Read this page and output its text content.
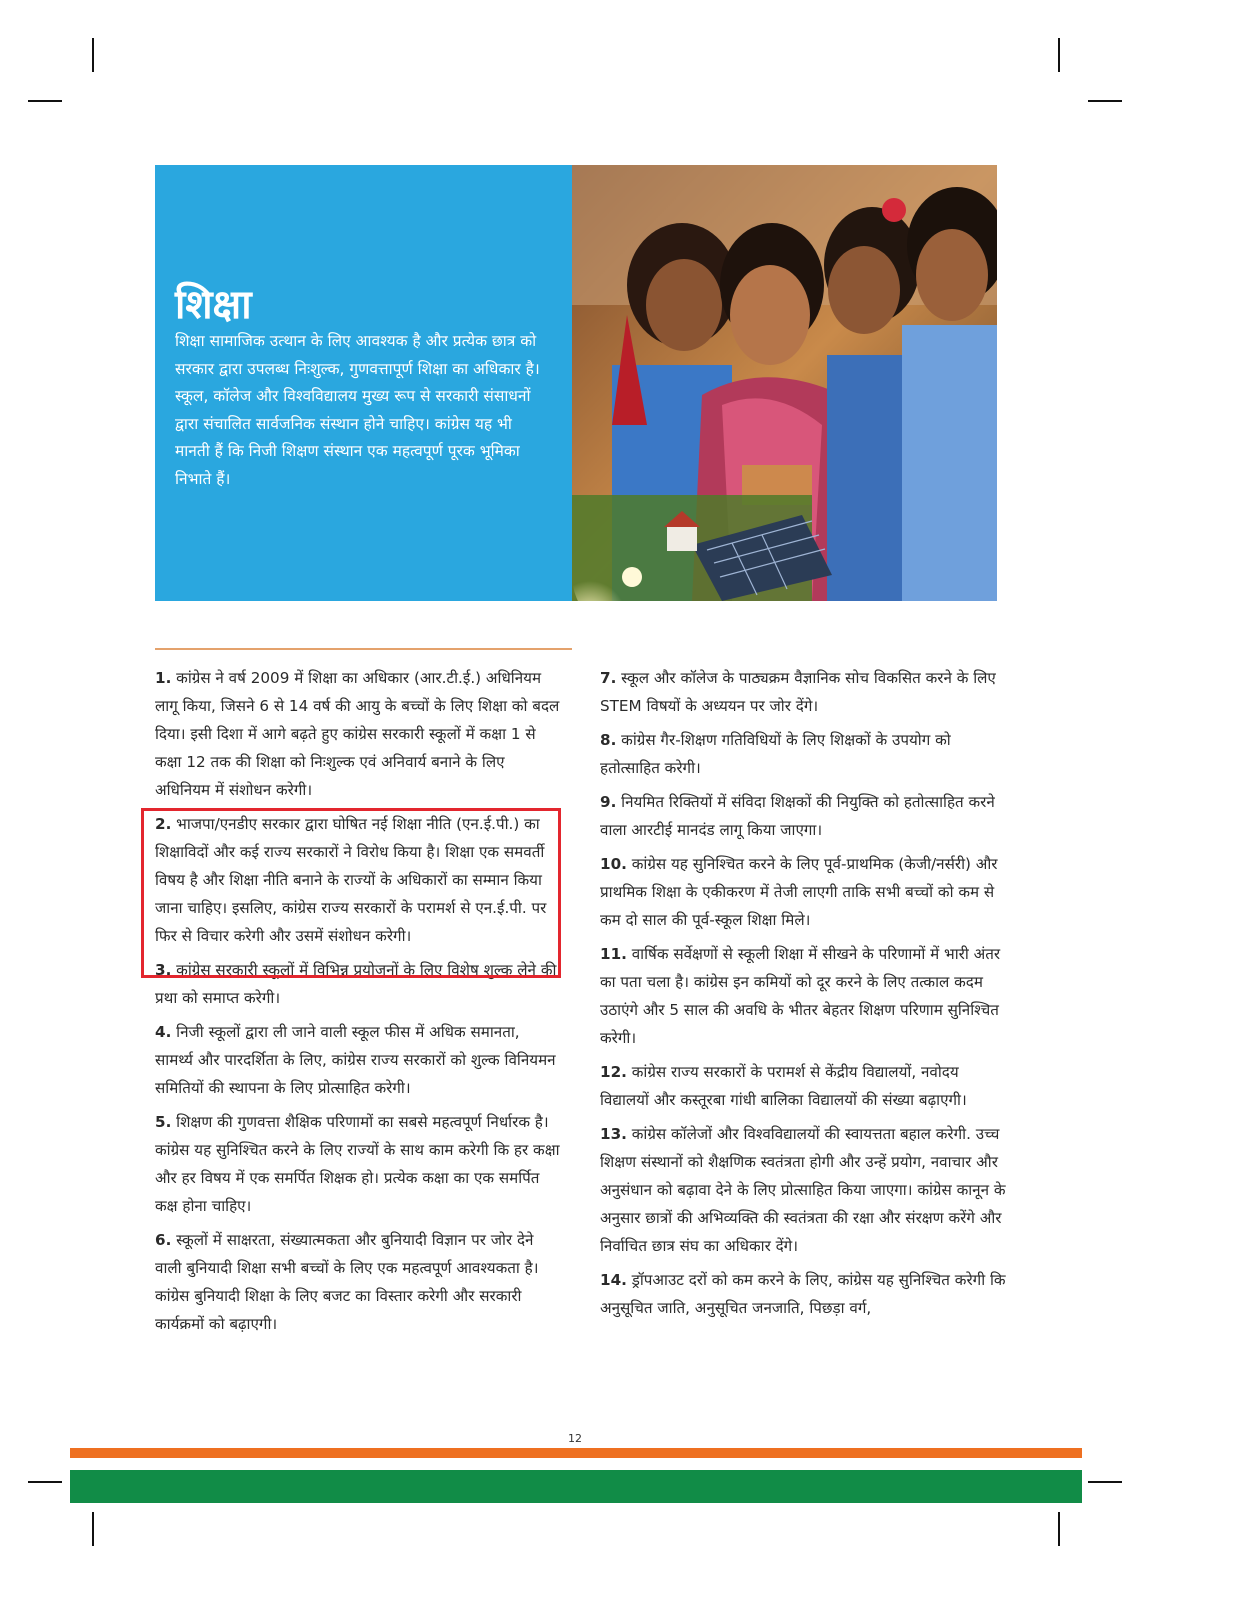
शिक्षा
शिक्षा सामाजिक उत्थान के लिए आवश्यक है और प्रत्येक छात्र को सरकार द्वारा उपलब्ध निःशुल्क, गुणवत्तापूर्ण शिक्षा का अधिकार है। स्कूल, कॉलेज और विश्वविद्यालय मुख्य रूप से सरकारी संसाधनों द्वारा संचालित सार्वजनिक संस्थान होने चाहिए। कांग्रेस यह भी मानती हैं कि निजी शिक्षण संस्थान एक महत्वपूर्ण पूरक भूमिका निभाते हैं।

1. कांग्रेस ने वर्ष 2009 में शिक्षा का अधिकार (आर.टी.ई.) अधिनियम लागू किया, जिसने 6 से 14 वर्ष की आयु के बच्चों के लिए शिक्षा को बदल दिया। इसी दिशा में आगे बढ़ते हुए कांग्रेस सरकारी स्कूलों में कक्षा 1 से कक्षा 12 तक की शिक्षा को निःशुल्क एवं अनिवार्य बनाने के लिए अधिनियम में संशोधन करेगी।

2. भाजपा/एनडीए सरकार द्वारा घोषित नई शिक्षा नीति (एन.ई.पी.) का शिक्षाविदों और कई राज्य सरकारों ने विरोध किया है। शिक्षा एक समवर्ती विषय है और शिक्षा नीति बनाने के राज्यों के अधिकारों का सम्मान किया जाना चाहिए। इसलिए, कांग्रेस राज्य सरकारों के परामर्श से एन.ई.पी. पर फिर से विचार करेगी और उसमें संशोधन करेगी।

3. कांग्रेस सरकारी स्कूलों में विभिन्न प्रयोजनों के लिए विशेष शुल्क लेने की प्रथा को समाप्त करेगी।

4. निजी स्कूलों द्वारा ली जाने वाली स्कूल फीस में अधिक समानता, सामर्थ्य और पारदर्शिता के लिए, कांग्रेस राज्य सरकारों को शुल्क विनियमन समितियों की स्थापना के लिए प्रोत्साहित करेगी।

5. शिक्षण की गुणवत्ता शैक्षिक परिणामों का सबसे महत्वपूर्ण निर्धारक है। कांग्रेस यह सुनिश्चित करने के लिए राज्यों के साथ काम करेगी कि हर कक्षा और हर विषय में एक समर्पित शिक्षक हो। प्रत्येक कक्षा का एक समर्पित कक्ष होना चाहिए।

6. स्कूलों में साक्षरता, संख्यात्मकता और बुनियादी विज्ञान पर जोर देने वाली बुनियादी शिक्षा सभी बच्चों के लिए एक महत्वपूर्ण आवश्यकता है। कांग्रेस बुनियादी शिक्षा के लिए बजट का विस्तार करेगी और सरकारी कार्यक्रमों को बढ़ाएगी।

7. स्कूल और कॉलेज के पाठ्यक्रम वैज्ञानिक सोच विकसित करने के लिए STEM विषयों के अध्ययन पर जोर देंगे।

8. कांग्रेस गैर-शिक्षण गतिविधियों के लिए शिक्षकों के उपयोग को हतोत्साहित करेगी।

9. नियमित रिक्तियों में संविदा शिक्षकों की नियुक्ति को हतोत्साहित करने वाला आरटीई मानदंड लागू किया जाएगा।

10. कांग्रेस यह सुनिश्चित करने के लिए पूर्व-प्राथमिक (केजी/नर्सरी) और प्राथमिक शिक्षा के एकीकरण में तेजी लाएगी ताकि सभी बच्चों को कम से कम दो साल की पूर्व-स्कूल शिक्षा मिले।

11. वार्षिक सर्वेक्षणों से स्कूली शिक्षा में सीखने के परिणामों में भारी अंतर का पता चला है। कांग्रेस इन कमियों को दूर करने के लिए तत्काल कदम उठाएंगे और 5 साल की अवधि के भीतर बेहतर शिक्षण परिणाम सुनिश्चित करेगी।

12. कांग्रेस राज्य सरकारों के परामर्श से केंद्रीय विद्यालयों, नवोदय विद्यालयों और कस्तूरबा गांधी बालिका विद्यालयों की संख्या बढ़ाएगी।

13. कांग्रेस कॉलेजों और विश्वविद्यालयों की स्वायत्तता बहाल करेगी. उच्च शिक्षण संस्थानों को शैक्षणिक स्वतंत्रता होगी और उन्हें प्रयोग, नवाचार और अनुसंधान को बढ़ावा देने के लिए प्रोत्साहित किया जाएगा। कांग्रेस कानून के अनुसार छात्रों की अभिव्यक्ति की स्वतंत्रता की रक्षा और संरक्षण करेंगे और निर्वाचित छात्र संघ का अधिकार देंगे।

14. ड्रॉपआउट दरों को कम करने के लिए, कांग्रेस यह सुनिश्चित करेगी कि अनुसूचित जाति, अनुसूचित जनजाति, पिछड़ा वर्ग,

12
